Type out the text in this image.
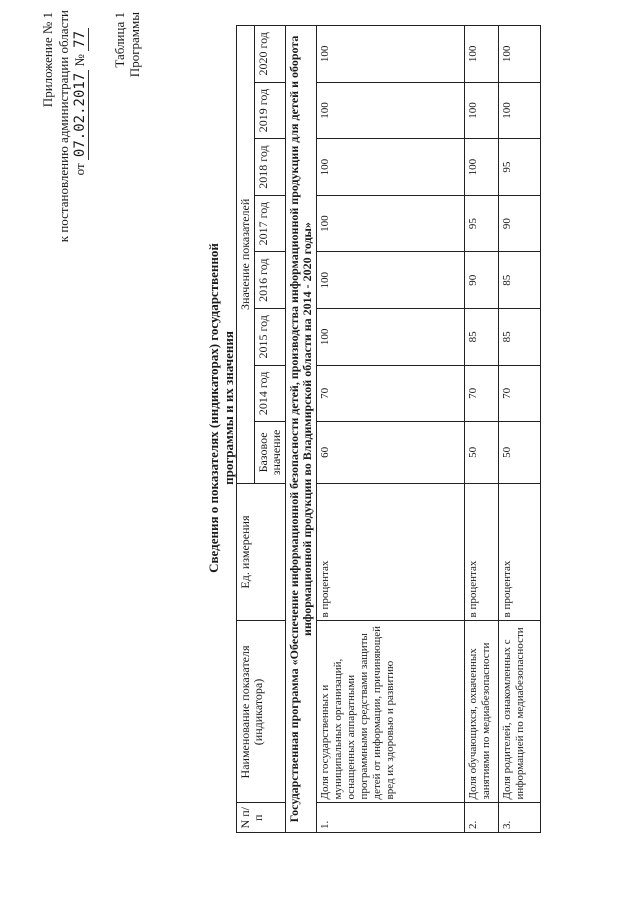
Приложение № 1 к постановлению администрации области от 07.02.2017 № 77 Таблица 1 Программы
Сведения о показателях (индикаторах) государственной программы и их значения
N п/п	Наименование показателя (индикатора)	Ед. измерения	Значение показателей							
			Базовое значение	2014 год	2015 год	2016 год	2017 год	2018 год	2019 год	2020 год
Государственная программа «Обеспечение информационной безопасности детей, производства информационной продукции для детей и оборота информационной продукции во Владимирской области на 2014 - 2020 годы»										
1.	Доля государственных и муниципальных организаций, оснащенных аппаратными программными средствами защиты детей от информации, причиняющей вред их здоровью и развитию	в процентах	60	70	100	100	100	100	100	100
2.	Доля обучающихся, охваченных занятиями по медиабезопасности	в процентах	50	70	85	90	95	100	100	100
3.	Доля родителей, ознакомленных с информацией по медиабезопасности	в процентах	50	70	85	85	90	95	100	100
